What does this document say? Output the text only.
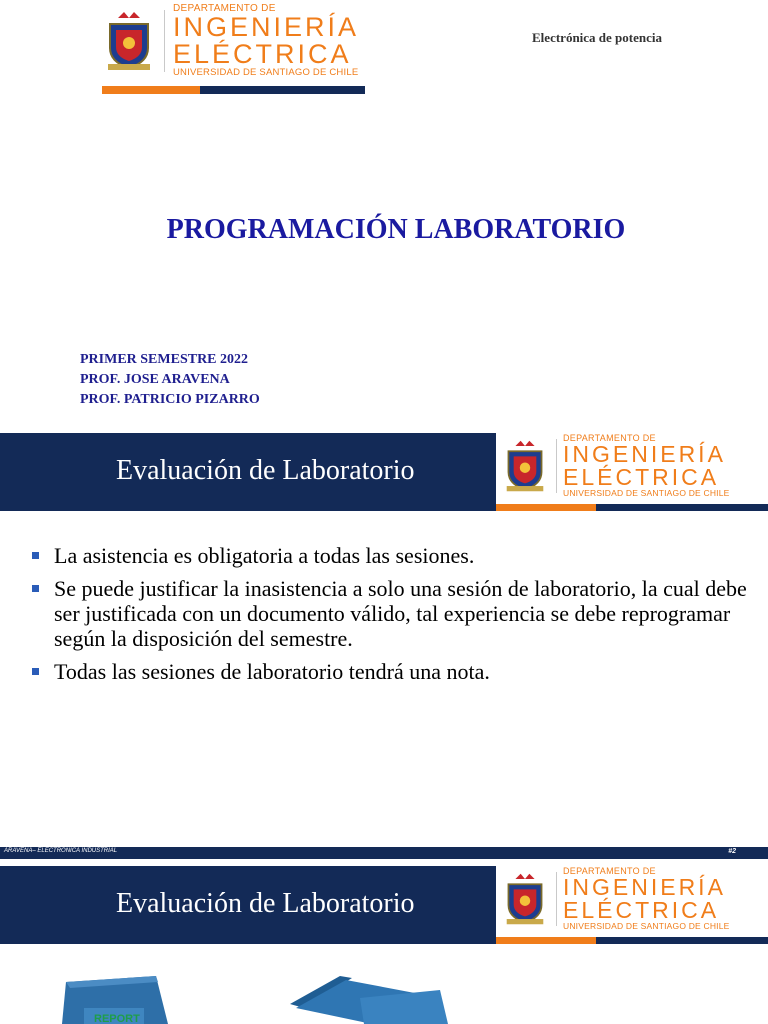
DEPARTAMENTO DE
INGENIERÍA
ELÉCTRICA
UNIVERSIDAD DE SANTIAGO DE CHILE
Electrónica de potencia
PROGRAMACIÓN LABORATORIO
PRIMER SEMESTRE 2022
PROF. JOSE ARAVENA
PROF. PATRICIO PIZARRO
Evaluación de Laboratorio
DEPARTAMENTO DE
INGENIERÍA
ELÉCTRICA
UNIVERSIDAD DE SANTIAGO DE CHILE
La asistencia es obligatoria a todas las sesiones.
Se puede justificar la inasistencia a solo una sesión de laboratorio, la cual debe ser justificada con un documento válido, tal experiencia se debe reprogramar según la disposición del semestre.
Todas las sesiones de laboratorio tendrá una nota.
ARAVENA– ELECTRÓNICA INDUSTRIAL	#2
Evaluación de Laboratorio
DEPARTAMENTO DE
INGENIERÍA
ELÉCTRICA
UNIVERSIDAD DE SANTIAGO DE CHILE
REPORT
